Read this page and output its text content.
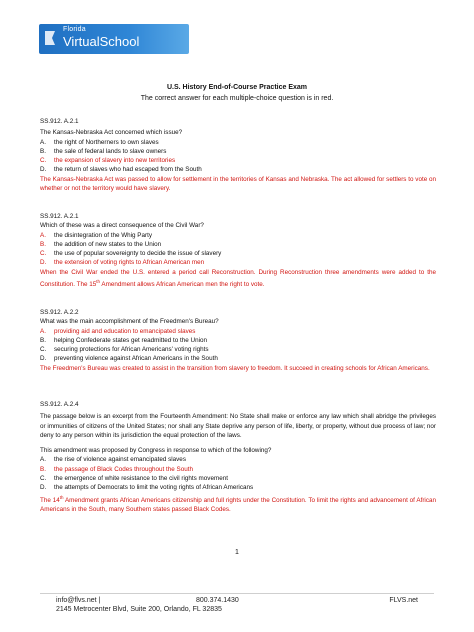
Florida
VirtualSchool
U.S. History End-of-Course Practice Exam
The correct answer for each multiple-choice question is in red.
SS.912. A.2.1
The Kansas-Nebraska Act concerned which issue?
A.	the right of Northerners to own slaves
B.	the sale of federal lands to slave owners
C.	the expansion of slavery into new territories
D.	the return of slaves who had escaped from the South
The Kansas-Nebraska Act was passed to allow for settlement in the territories of Kansas and Nebraska. The act allowed for settlers to vote on whether or not the territory would have slavery.
SS.912. A.2.1
Which of these was a direct consequence of the Civil War?
A.	the disintegration of the Whig Party
B.	the addition of new states to the Union
C.	the use of popular sovereignty to decide the issue of slavery
D.	the extension of voting rights to African American men
When the Civil War ended the U.S. entered a period call Reconstruction. During Reconstruction three amendments were added to the Constitution. The 15th Amendment allows African American men the right to vote.
SS.912. A.2.2
What was the main accomplishment of the Freedmen's Bureau?
A.	providing aid and education to emancipated slaves
B.	helping Confederate states get readmitted to the Union
C.	securing protections for African Americans' voting rights
D.	preventing violence against African Americans in the South
The Freedmen's Bureau was created to assist in the transition from slavery to freedom. It succeed in creating schools for African Americans.
SS.912. A.2.4
The passage below is an excerpt from the Fourteenth Amendment: No State shall make or enforce any law which shall abridge the privileges or immunities of citizens of the United States; nor shall any State deprive any person of life, liberty, or property, without due process of law; nor deny to any person within its jurisdiction the equal protection of the laws.
This amendment was proposed by Congress in response to which of the following?
A.	the rise of violence against emancipated slaves
B.	the passage of Black Codes throughout the South
C.	the emergence of white resistance to the civil rights movement
D.	the attempts of Democrats to limit the voting rights of African Americans
The 14th Amendment grants African Americans citizenship and full rights under the Constitution. To limit the rights and advancement of African Americans in the South, many Southern states passed Black Codes.
1
info@flvs.net |
2145 Metrocenter Blvd, Suite 200, Orlando, FL 32835
800.374.1430	FLVS.net
